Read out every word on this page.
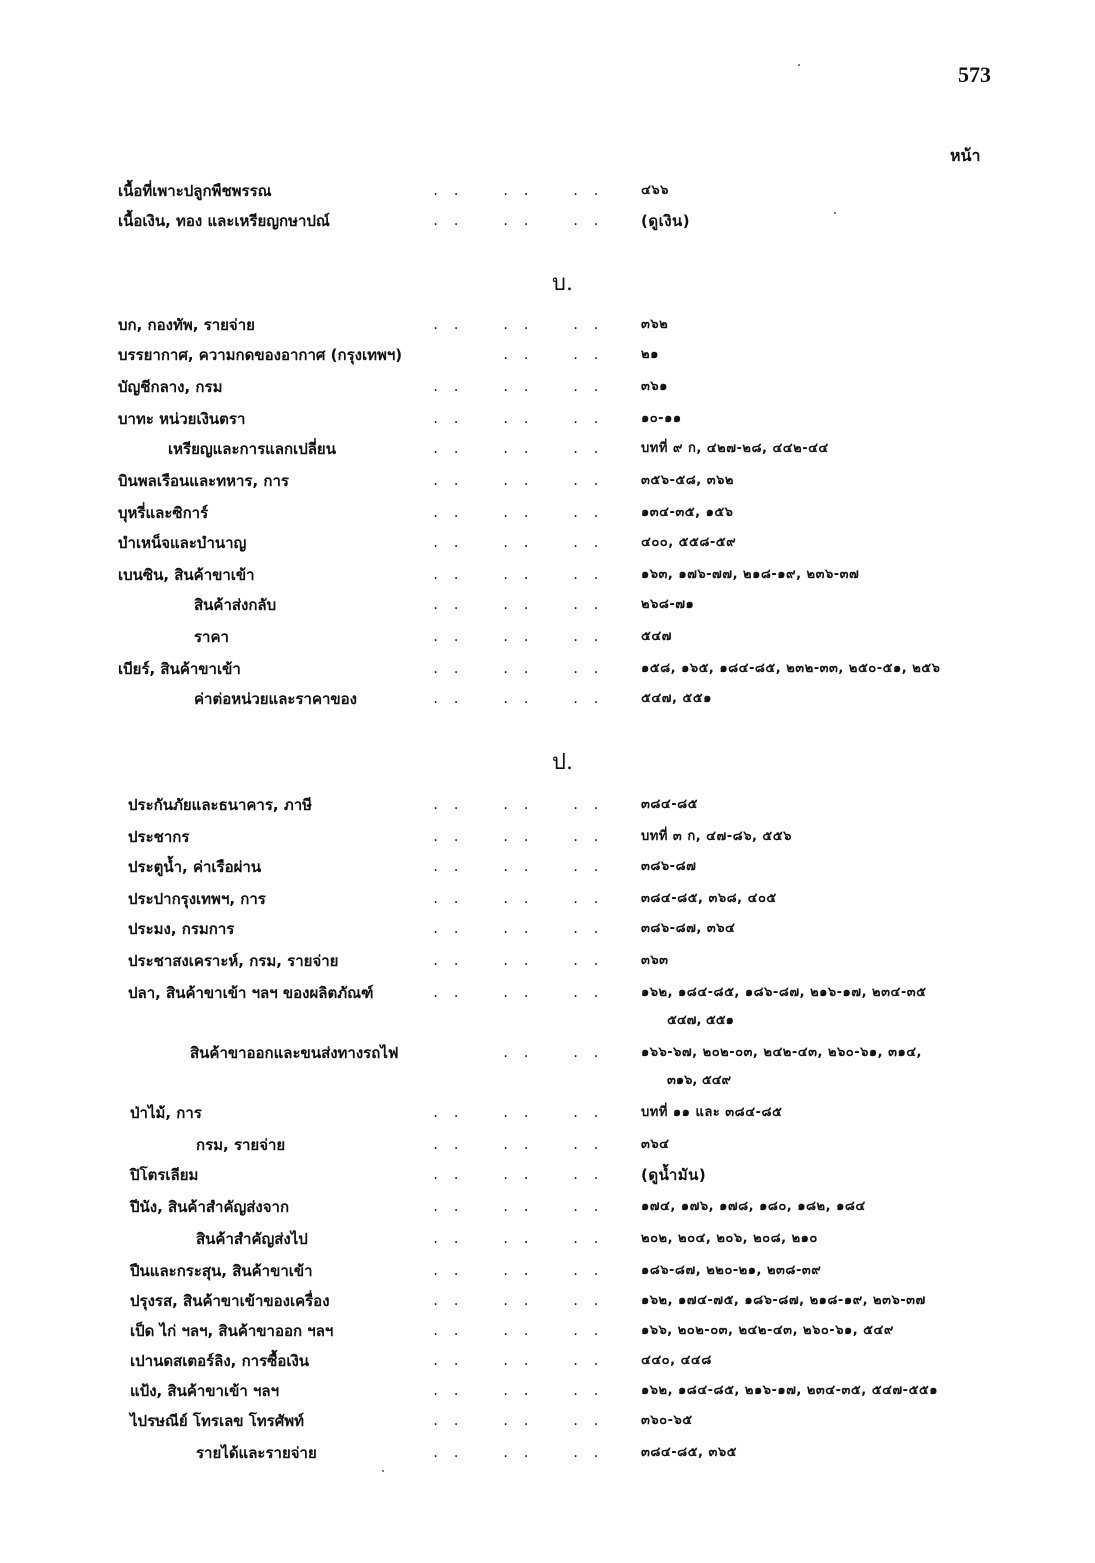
573
หน้า
เนื้อที่เพาะปลูกพืชพรรณ	. .	. .	. .	๔๖๖
เนื้อเงิน, ทอง และเหรียญกษาปณ์	. .	. .	. .	(ดูเงิน)
บ.
บก, กองทัพ, รายจ่าย	. .	. .	. .	๓๖๒
บรรยากาศ, ความกดของอากาศ (กรุงเทพฯ)	. .	. .	๒๑
บัญชีกลาง, กรม	. .	. .	. .	๓๖๑
บาทะ หน่วยเงินตรา	. .	. .	. .	๑๐-๑๑
เหรียญและการแลกเปลี่ยน	. .	. .	. .	บทที่ ๙ ก, ๔๒๗-๒๘, ๔๔๒-๔๔
บินพลเรือนและทหาร, การ	. .	. .	. .	๓๕๖-๕๘, ๓๖๒
บุหรี่และซิการ์	. .	. .	. .	๑๓๔-๓๕, ๑๕๖
บำเหน็จและบำนาญ	. .	. .	. .	๔๐๐, ๕๕๘-๕๙
เบนซิน, สินค้าขาเข้า	. .	. .	. .	๑๖๓, ๑๗๖-๗๗, ๒๑๘-๑๙, ๒๓๖-๓๗
สินค้าส่งกลับ	. .	. .	. .	๒๖๘-๗๑
ราคา	. .	. .	. .	๕๔๗
เบียร์, สินค้าขาเข้า	. .	. .	. .	๑๕๘, ๑๖๕, ๑๘๔-๘๕, ๒๓๒-๓๓, ๒๕๐-๕๑, ๒๕๖
ค่าต่อหน่วยและราคาของ	. .	. .	. .	๕๔๗, ๕๕๑
ป.
ประกันภัยและธนาคาร, ภาษี	. .	. .	. .	๓๘๔-๘๕
ประชากร	. .	. .	. .	บทที่ ๓ ก, ๔๗-๘๖, ๕๕๖
ประตูน้ำ, ค่าเรือผ่าน	. .	. .	. .	๓๘๖-๘๗
ประปากรุงเทพฯ, การ	. .	. .	. .	๓๘๔-๘๕, ๓๖๘, ๔๐๕
ประมง, กรมการ	. .	. .	. .	๓๘๖-๘๗, ๓๖๔
ประชาสงเคราะห์, กรม, รายจ่าย	. .	. .	. .	๓๖๓
ปลา, สินค้าขาเข้า ฯลฯ ของผลิตภัณฑ์	. .	. .	. .	๑๖๒, ๑๘๔-๘๕, ๑๘๖-๘๗, ๒๑๖-๑๗, ๒๓๔-๓๕
๕๔๗, ๕๕๑
สินค้าขาออกและขนส่งทางรถไฟ	. .	. .	๑๖๖-๖๗, ๒๐๒-๐๓, ๒๔๒-๔๓, ๒๖๐-๖๑, ๓๑๔,
๓๑๖, ๕๔๙
ป่าไม้, การ	. .	. .	. .	บทที่ ๑๑ และ ๓๘๔-๘๕
กรม, รายจ่าย	. .	. .	. .	๓๖๔
ปิโตรเลียม	. .	. .	. .	(ดูน้ำมัน)
ปีนัง, สินค้าสำคัญส่งจาก	. .	. .	. .	๑๗๔, ๑๗๖, ๑๗๘, ๑๘๐, ๑๘๒, ๑๘๔
สินค้าสำคัญส่งไป	. .	. .	. .	๒๐๒, ๒๐๔, ๒๐๖, ๒๐๘, ๒๑๐
ปืนและกระสุน, สินค้าขาเข้า	. .	. .	. .	๑๘๖-๘๗, ๒๒๐-๒๑, ๒๓๘-๓๙
ปรุงรส, สินค้าขาเข้าของเครื่อง	. .	. .	. .	๑๖๒, ๑๗๔-๗๕, ๑๘๖-๘๗, ๒๑๘-๑๙, ๒๓๖-๓๗
เป็ด ไก่ ฯลฯ, สินค้าขาออก ฯลฯ	. .	. .	. .	๑๖๖, ๒๐๒-๐๓, ๒๔๒-๔๓, ๒๖๐-๖๑, ๕๔๙
เปานดสเตอร์ลิง, การซื้อเงิน	. .	. .	. .	๔๔๐, ๔๔๘
แป้ง, สินค้าขาเข้า ฯลฯ	. .	. .	. .	๑๖๒, ๑๘๔-๘๕, ๒๑๖-๑๗, ๒๓๔-๓๕, ๕๔๗-๕๕๑
ไปรษณีย์ โทรเลข โทรศัพท์	. .	. .	. .	๓๖๐-๖๕
รายได้และรายจ่าย	. .	. .	. .	๓๘๔-๘๕, ๓๖๕
